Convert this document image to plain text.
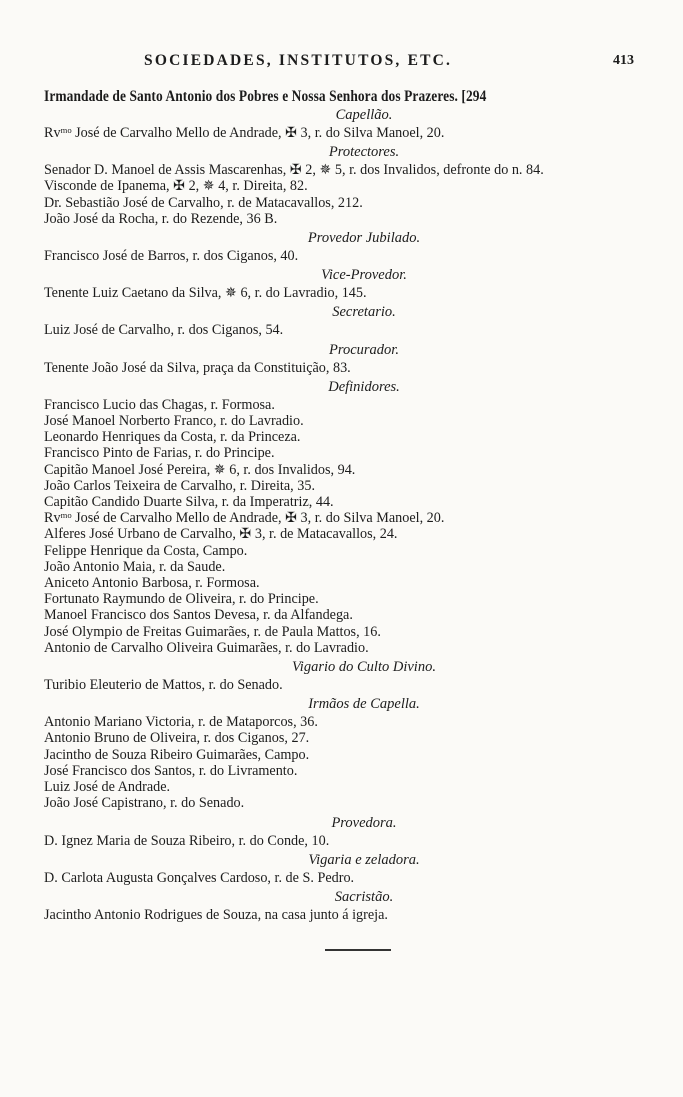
SOCIEDADES, INSTITUTOS, ETC.	413
Irmandade de Santo Antonio dos Pobres e Nossa Senhora dos Prazeres. [294
Capellão.
Rvᵐᵒ José de Carvalho Mello de Andrade, ✠ 3, r. do Silva Manoel, 20.
Protectores.
Senador D. Manoel de Assis Mascarenhas, ✠ 2, ✵ 5, r. dos Invalidos, defronte do n. 84.
Visconde de Ipanema, ✠ 2, ✵ 4, r. Direita, 82.
Dr. Sebastião José de Carvalho, r. de Matacavallos, 212.
João José da Rocha, r. do Rezende, 36 B.
Provedor Jubilado.
Francisco José de Barros, r. dos Ciganos, 40.
Vice-Provedor.
Tenente Luiz Caetano da Silva, ✵ 6, r. do Lavradio, 145.
Secretario.
Luiz José de Carvalho, r. dos Ciganos, 54.
Procurador.
Tenente João José da Silva, praça da Constituição, 83.
Definidores.
Francisco Lucio das Chagas, r. Formosa.
José Manoel Norberto Franco, r. do Lavradio.
Leonardo Henriques da Costa, r. da Princeza.
Francisco Pinto de Farias, r. do Principe.
Capitão Manoel José Pereira, ✵ 6, r. dos Invalidos, 94.
João Carlos Teixeira de Carvalho, r. Direita, 35.
Capitão Candido Duarte Silva, r. da Imperatriz, 44.
Rvᵐᵒ José de Carvalho Mello de Andrade, ✠ 3, r. do Silva Manoel, 20.
Alferes José Urbano de Carvalho, ✠ 3, r. de Matacavallos, 24.
Felippe Henrique da Costa, Campo.
João Antonio Maia, r. da Saude.
Aniceto Antonio Barbosa, r. Formosa.
Fortunato Raymundo de Oliveira, r. do Principe.
Manoel Francisco dos Santos Devesa, r. da Alfandega.
José Olympio de Freitas Guimarães, r. de Paula Mattos, 16.
Antonio de Carvalho Oliveira Guimarães, r. do Lavradio.
Vigario do Culto Divino.
Turibio Eleuterio de Mattos, r. do Senado.
Irmãos de Capella.
Antonio Mariano Victoria, r. de Mataporcos, 36.
Antonio Bruno de Oliveira, r. dos Ciganos, 27.
Jacintho de Souza Ribeiro Guimarães, Campo.
José Francisco dos Santos, r. do Livramento.
Luiz José de Andrade.
João José Capistrano, r. do Senado.
Provedora.
D. Ignez Maria de Souza Ribeiro, r. do Conde, 10.
Vigaria e zeladora.
D. Carlota Augusta Gonçalves Cardoso, r. de S. Pedro.
Sacristão.
Jacintho Antonio Rodrigues de Souza, na casa junto á igreja.
